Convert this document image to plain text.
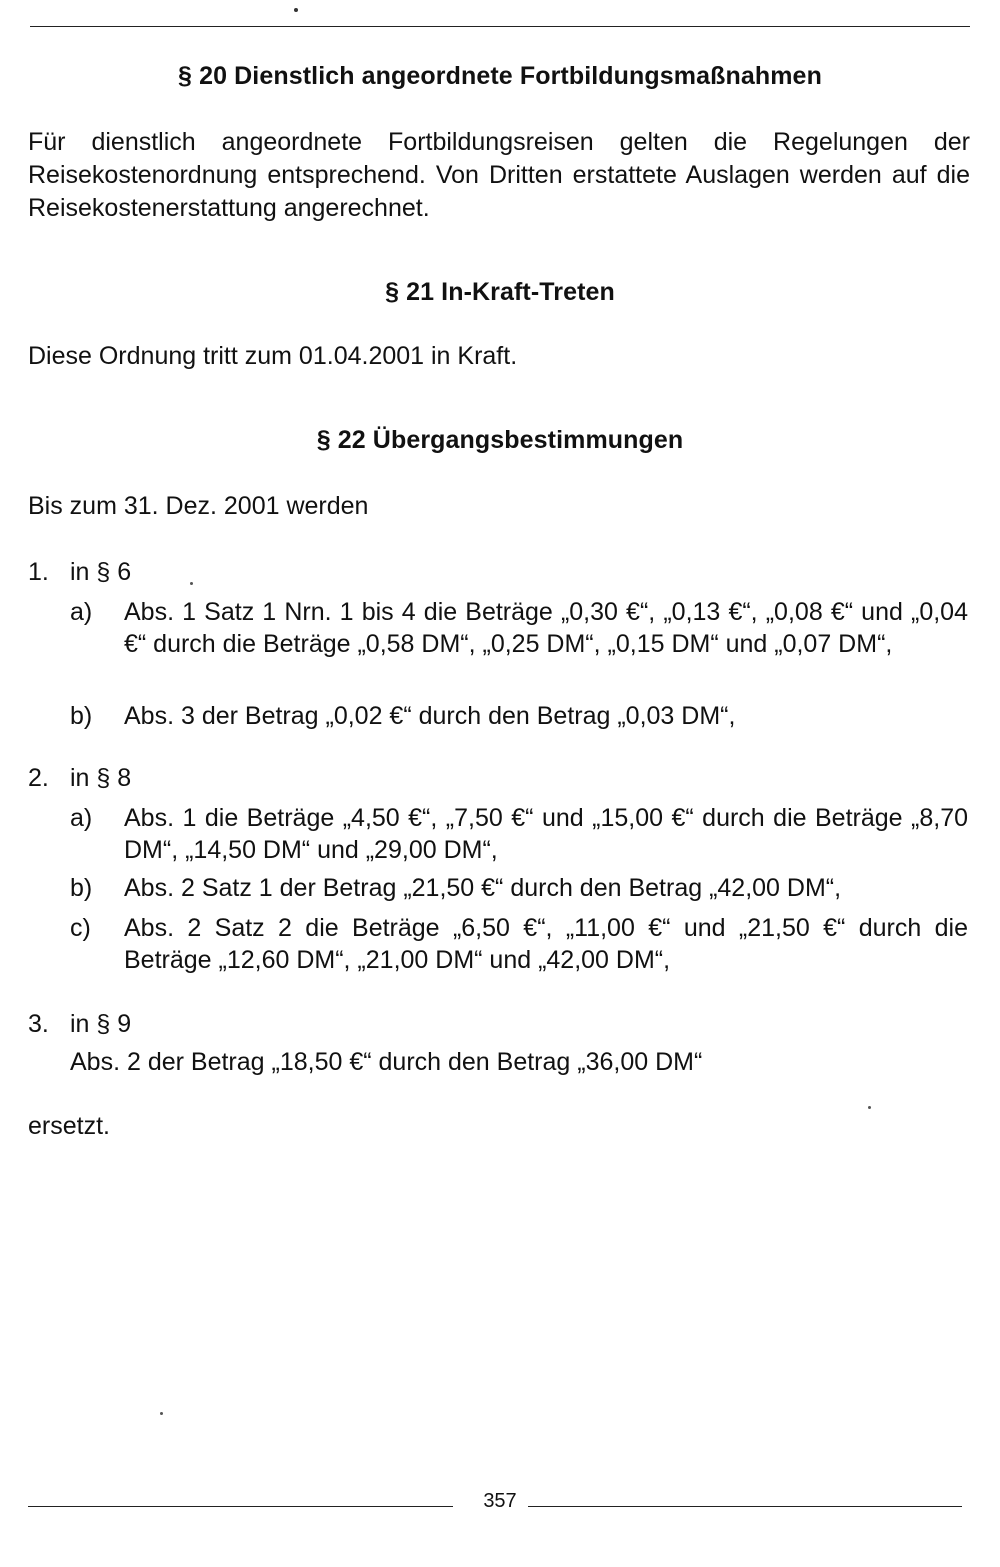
§ 20 Dienstlich angeordnete Fortbildungsmaßnahmen
Für dienstlich angeordnete Fortbildungsreisen gelten die Regelungen der Reisekostenordnung entsprechend. Von Dritten erstattete Auslagen werden auf die Reisekostenerstattung angerechnet.
§ 21 In-Kraft-Treten
Diese Ordnung tritt zum 01.04.2001 in Kraft.
§ 22 Übergangsbestimmungen
Bis zum 31. Dez. 2001 werden
1. in § 6
a) Abs. 1 Satz 1 Nrn. 1 bis 4 die Beträge „0,30 €“, „0,13 €“, „0,08 €“ und „0,04 €“ durch die Beträge „0,58 DM“, „0,25 DM“, „0,15 DM“ und „0,07 DM“,
b) Abs. 3 der Betrag „0,02 €“ durch den Betrag „0,03 DM“,
2. in § 8
a) Abs. 1 die Beträge „4,50 €“, „7,50 €“ und „15,00 €“ durch die Beträge „8,70 DM“, „14,50 DM“ und „29,00 DM“,
b) Abs. 2 Satz 1 der Betrag „21,50 €“ durch den Betrag „42,00 DM“,
c) Abs. 2 Satz 2 die Beträge „6,50 €“, „11,00 €“ und „21,50 €“ durch die Beträge „12,60 DM“, „21,00 DM“ und „42,00 DM“,
3. in § 9
Abs. 2 der Betrag „18,50 €“ durch den Betrag „36,00 DM“
ersetzt.
357
